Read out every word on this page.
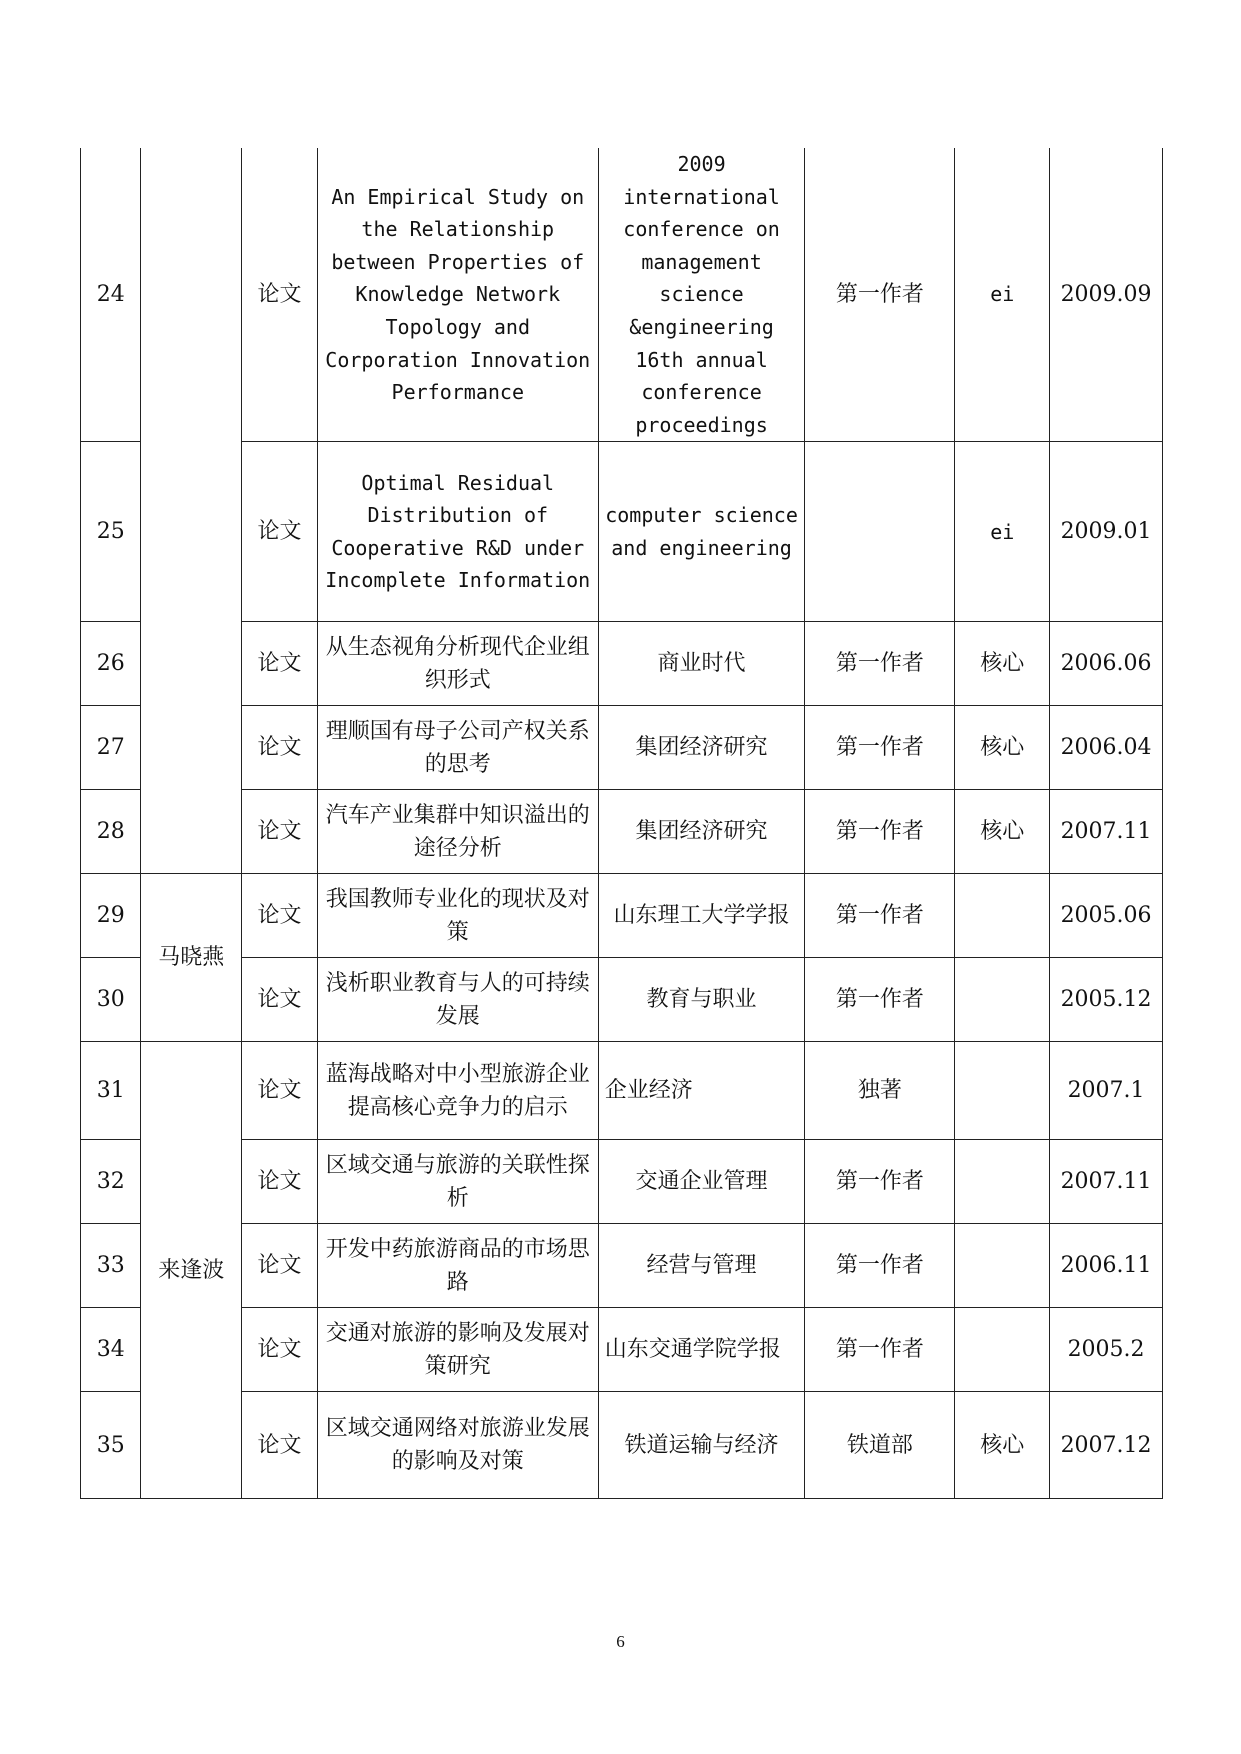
24		论文	An Empirical Study on the Relationship between Properties of Knowledge Network Topology and Corporation Innovation Performance	2009 international conference on management science &engineering 16th annual conference proceedings	第一作者	ei	2009.09
25		论文	Optimal Residual Distribution of Cooperative R&D under Incomplete Information	computer science and engineering		ei	2009.01
26		论文	从生态视角分析现代企业组织形式	商业时代	第一作者	核心	2006.06
27		论文	理顺国有母子公司产权关系的思考	集团经济研究	第一作者	核心	2006.04
28		论文	汽车产业集群中知识溢出的途径分析	集团经济研究	第一作者	核心	2007.11
29	马晓燕	论文	我国教师专业化的现状及对策	山东理工大学学报	第一作者		2005.06
30		论文	浅析职业教育与人的可持续发展	教育与职业	第一作者		2005.12
31	来逢波	论文	蓝海战略对中小型旅游企业提高核心竞争力的启示	企业经济	独著		2007.1
32		论文	区域交通与旅游的关联性探析	交通企业管理	第一作者		2007.11
33		论文	开发中药旅游商品的市场思路	经营与管理	第一作者		2006.11
34		论文	交通对旅游的影响及发展对策研究	山东交通学院学报	第一作者		2005.2
35		论文	区域交通网络对旅游业发展的影响及对策	铁道运输与经济	铁道部	核心	2007.12
6
